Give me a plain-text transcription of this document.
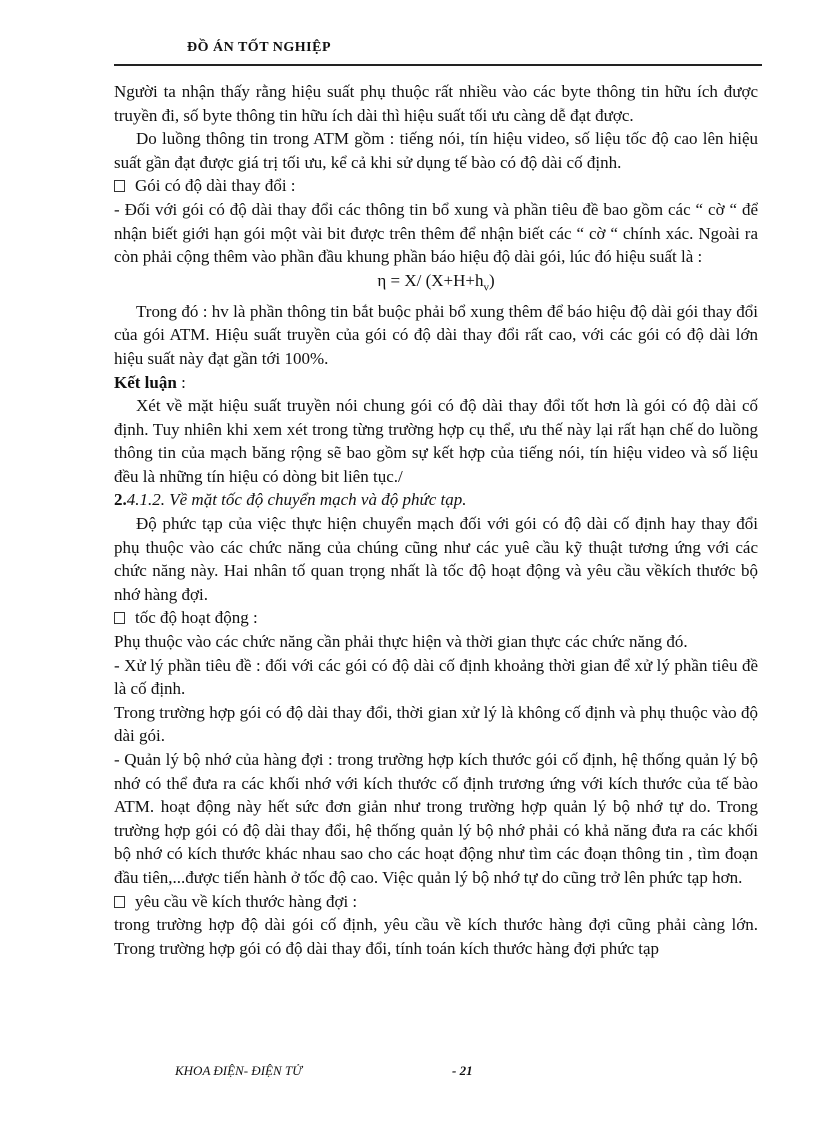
ĐỒ ÁN TỐT NGHIỆP

Người ta nhận thấy rằng hiệu suất phụ thuộc rất nhiều vào các byte thông tin hữu ích được truyền đi, số byte thông tin hữu ích dài thì hiệu suất tối ưu càng dễ đạt được.

Do luồng thông tin trong ATM gồm : tiếng nói, tín hiệu video, số liệu tốc độ cao lên hiệu suất gần đạt được giá trị tối ưu, kể cả khi sử dụng tế bào có độ dài cố định.

Gói có độ dài thay đổi :

- Đối với gói có độ dài thay đổi các thông tin bổ xung và phần tiêu đề bao gồm các “ cờ “ để nhận biết giới hạn gói một vài bit được trên thêm để nhận biết các “ cờ “ chính xác. Ngoài ra còn phải cộng thêm vào phần đầu khung phần báo hiệu độ dài gói, lúc đó hiệu suất là :

η = X/ $(X+H+h_v)$

Trong đó : hv là phần thông tin bắt buộc phải bổ xung thêm để báo hiệu độ dài gói thay đổi của gói ATM. Hiệu suất truyền của gói có độ dài thay đổi rất cao, với các gói có độ dài lớn hiệu suất này đạt gần tới 100%.

Kết luận :

Xét về mặt hiệu suất truyền nói chung gói có độ dài thay đổi tốt hơn là gói có độ dài cố định. Tuy nhiên khi xem xét trong từng trường hợp cụ thể, ưu thế này lại rất hạn chế do luồng thông tin của mạch băng rộng sẽ bao gồm sự kết hợp của tiếng nói, tín hiệu video và số liệu đều là những tín hiệu có dòng bit liên tục./

2.4.1.2. Về mặt tốc độ chuyển mạch và độ phức tạp.

Độ phức tạp của việc thực hiện chuyển mạch đối với gói có độ dài cố định hay thay đổi phụ thuộc vào các chức năng của chúng cũng như các yuê cầu kỹ thuật tương ứng với các chức năng này. Hai nhân tố quan trọng nhất là tốc độ hoạt động và yêu cầu vềkích thước bộ nhớ hàng đợi.

tốc độ hoạt động :

Phụ thuộc vào các chức năng cần phải thực hiện và thời gian thực các chức năng đó.

- Xử lý phần tiêu đề : đối với các gói có độ dài cố định khoảng thời gian để xử lý phần tiêu đề là cố định.

Trong trường hợp gói có độ dài thay đổi, thời gian xử lý là không cố định và phụ thuộc vào độ dài gói.

- Quản lý bộ nhớ của hàng đợi : trong trường hợp kích thước gói cố định, hệ thống quản lý bộ nhớ có thể đưa ra các khối nhớ với kích thước cố định trương ứng với kích thước của tế bào ATM. hoạt động này hết sức đơn giản như trong trường hợp quản lý bộ nhớ tự do. Trong trường hợp gói có độ dài thay đổi, hệ thống quản lý bộ nhớ phải có khả năng đưa ra các khối bộ nhớ có kích thước khác nhau sao cho các hoạt động như tìm các đoạn thông tin , tìm đoạn đầu tiên,...được tiến hành ở tốc độ cao. Việc quản lý bộ nhớ tự do cũng trở lên phức tạp hơn.

yêu cầu về kích thước hàng đợi :

trong trường hợp độ dài gói cố định, yêu cầu về kích thước hàng đợi cũng phải càng lớn. Trong trường hợp gói có độ dài thay đổi, tính toán kích thước hàng đợi phức tạp

KHOA ĐIỆN- ĐIỆN TỬ	- 21
